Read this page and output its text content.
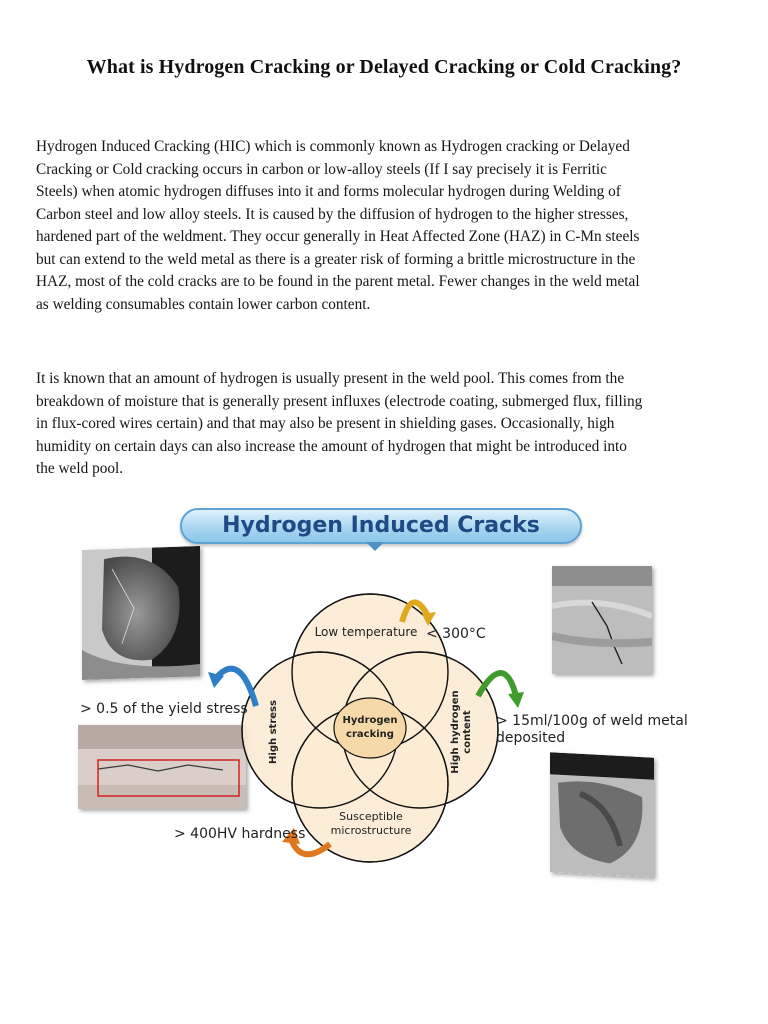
What is Hydrogen Cracking or Delayed Cracking or Cold Cracking?
Hydrogen Induced Cracking (HIC) which is commonly known as Hydrogen cracking or Delayed
Cracking or Cold cracking occurs in carbon or low-alloy steels (If I say precisely it is Ferritic
Steels) when atomic hydrogen diffuses into it and forms molecular hydrogen during Welding of
Carbon steel and low alloy steels. It is caused by the diffusion of hydrogen to the higher stresses,
hardened part of the weldment. They occur generally in Heat Affected Zone (HAZ) in C-Mn steels
but can extend to the weld metal as there is a greater risk of forming a brittle microstructure in the
HAZ, most of the cold cracks are to be found in the parent metal. Fewer changes in the weld metal
as welding consumables contain lower carbon content.
It is known that an amount of hydrogen is usually present in the weld pool. This comes from the
breakdown of moisture that is generally present influxes (electrode coating, submerged flux, filling
in flux-cored wires certain) and that may also be present in shielding gases. Occasionally, high
humidity on certain days can also increase the amount of hydrogen that might be introduced into
the weld pool.
Low temperature
Hydrogen
cracking
Susceptible
microstructure
High stress	High hydrogen content
Hydrogen Induced Cracks
< 300°C
> 0.5 of the yield stress
> 15ml/100g of weld metal
deposited
> 400HV hardness
